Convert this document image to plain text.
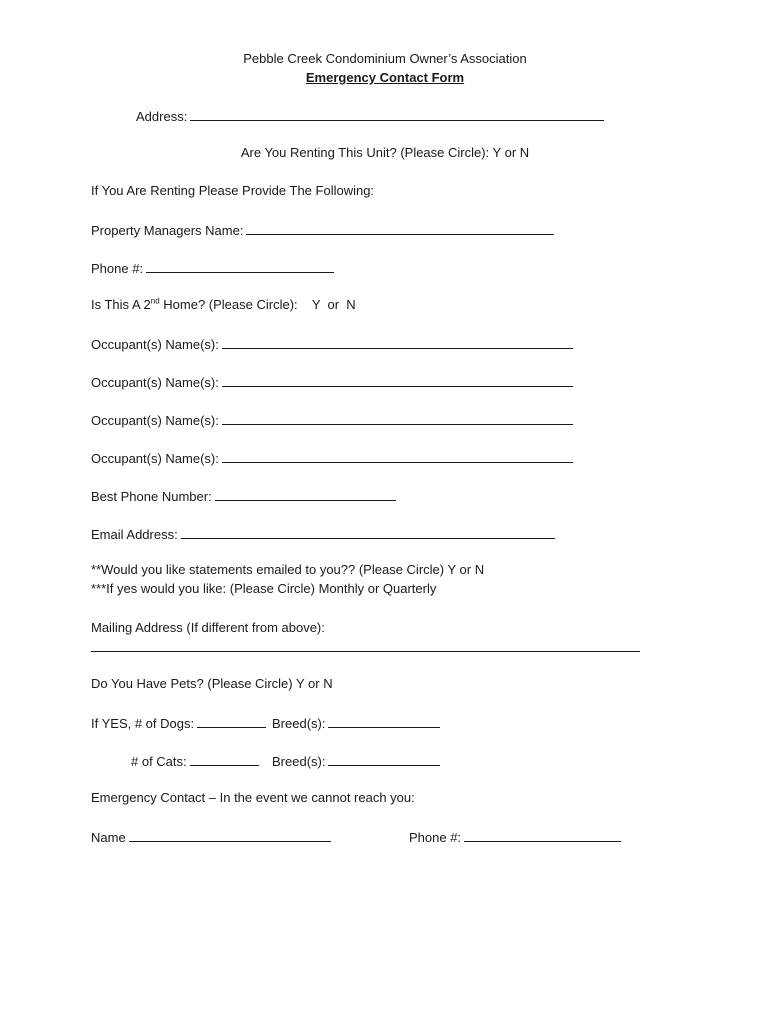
Pebble Creek Condominium Owner’s Association
Emergency Contact Form
Address:
Are You Renting This Unit? (Please Circle): Y or N
If You Are Renting Please Provide The Following:
Property Managers Name:
Phone #:
Is This A 2nd Home? (Please Circle):    Y  or  N
Occupant(s) Name(s):
Occupant(s) Name(s):
Occupant(s) Name(s):
Occupant(s) Name(s):
Best Phone Number:
Email Address:
**Would you like statements emailed to you?? (Please Circle) Y or N
***If yes would you like: (Please Circle) Monthly or Quarterly
Mailing Address (If different from above):
Do You Have Pets? (Please Circle) Y or N
If YES, # of Dogs:	Breed(s):
# of Cats:	Breed(s):
Emergency Contact – In the event we cannot reach you:
Name	Phone #:
